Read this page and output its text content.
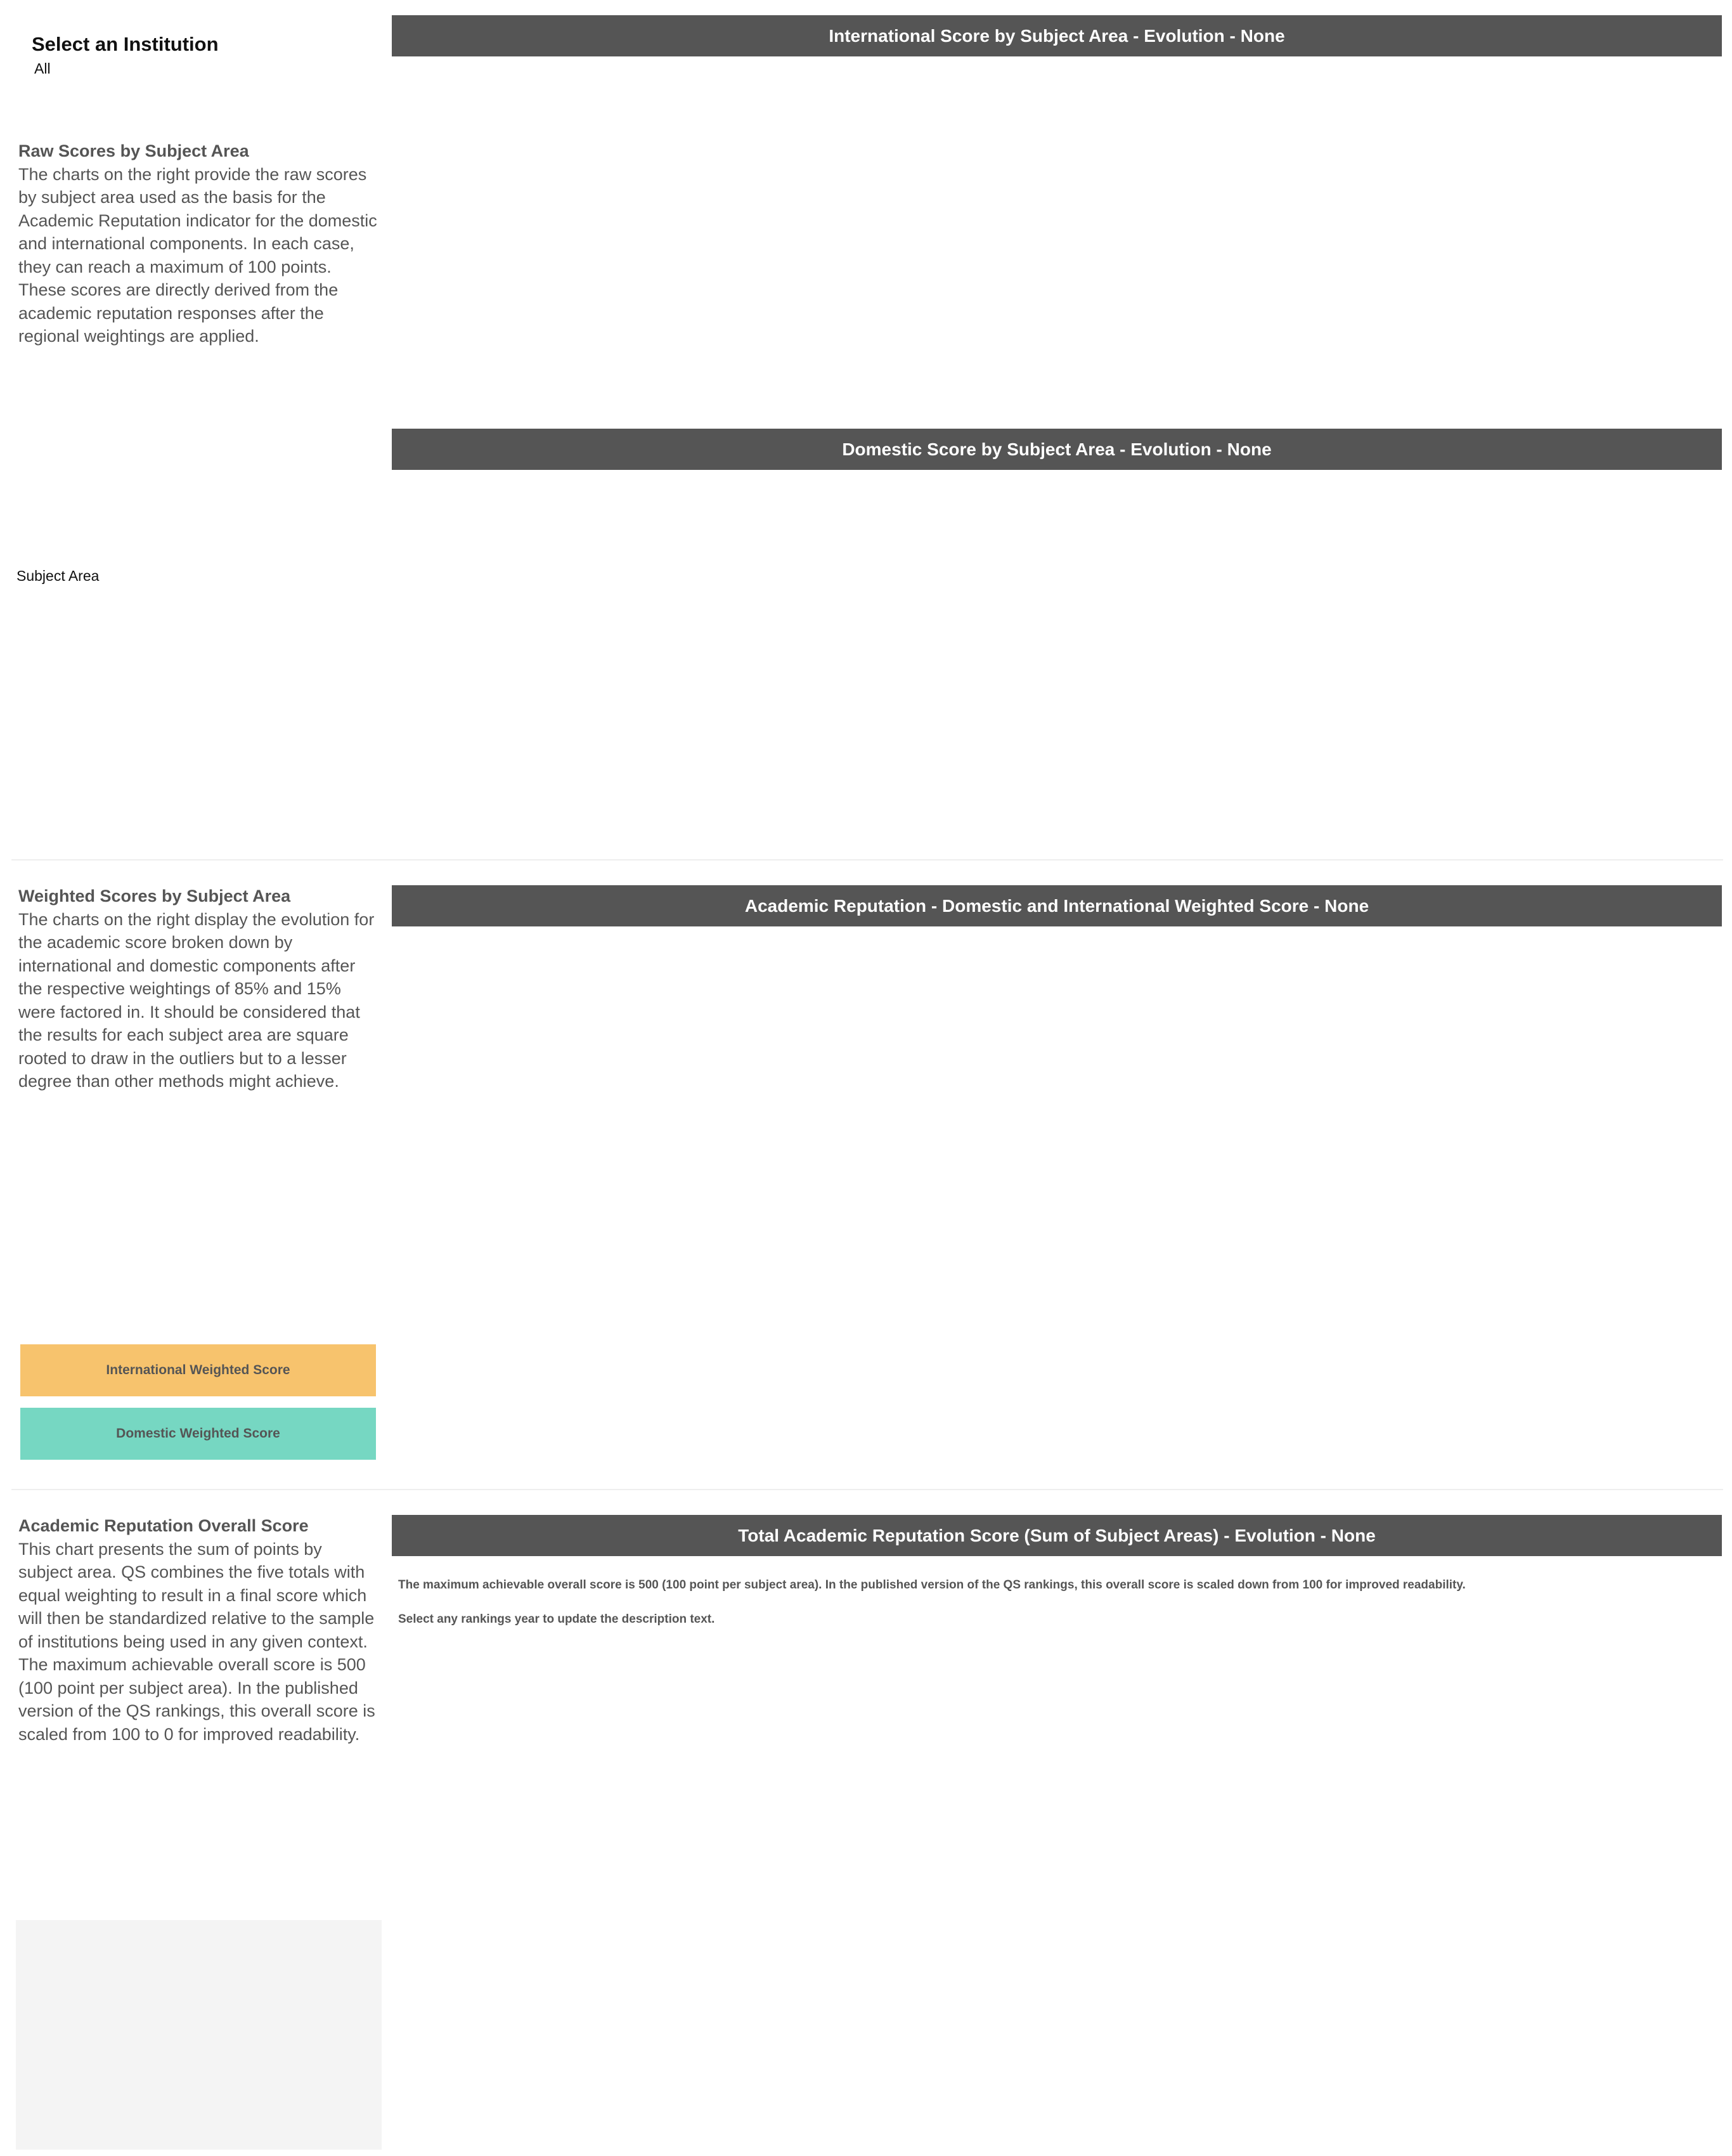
Select an Institution
All
Raw Scores by Subject Area
The charts on the right provide the raw scores by subject area used as the basis for the Academic Reputation indicator for the domestic and international components. In each case, they can reach a maximum of 100 points. These scores are directly derived from the academic reputation responses after the regional weightings are applied.
International Score by Subject Area - Evolution - None
Domestic Score by Subject Area - Evolution - None
Subject Area
Weighted Scores by Subject Area
The charts on the right display the evolution for the academic score broken down by international and domestic components after the respective weightings of 85% and 15% were factored in. It should be considered that the results for each subject area are square rooted to draw in the outliers but to a lesser degree than other methods might achieve.
Academic Reputation - Domestic and International Weighted Score - None
International Weighted Score
Domestic Weighted Score
Academic Reputation Overall Score
This chart presents the sum of points by subject area. QS combines the five totals with equal weighting to result in a final score which will then be standardized relative to the sample of institutions being used in any given context. The maximum achievable overall score is 500 (100 point per subject area). In the published version of the QS rankings, this overall score is scaled from 100 to 0 for improved readability.
Total Academic Reputation Score (Sum of Subject Areas) - Evolution - None
The maximum achievable overall score is 500 (100 point per subject area). In the published version of the QS rankings, this overall score is scaled down from 100 for improved readability.
Select any rankings year to update the description text.
